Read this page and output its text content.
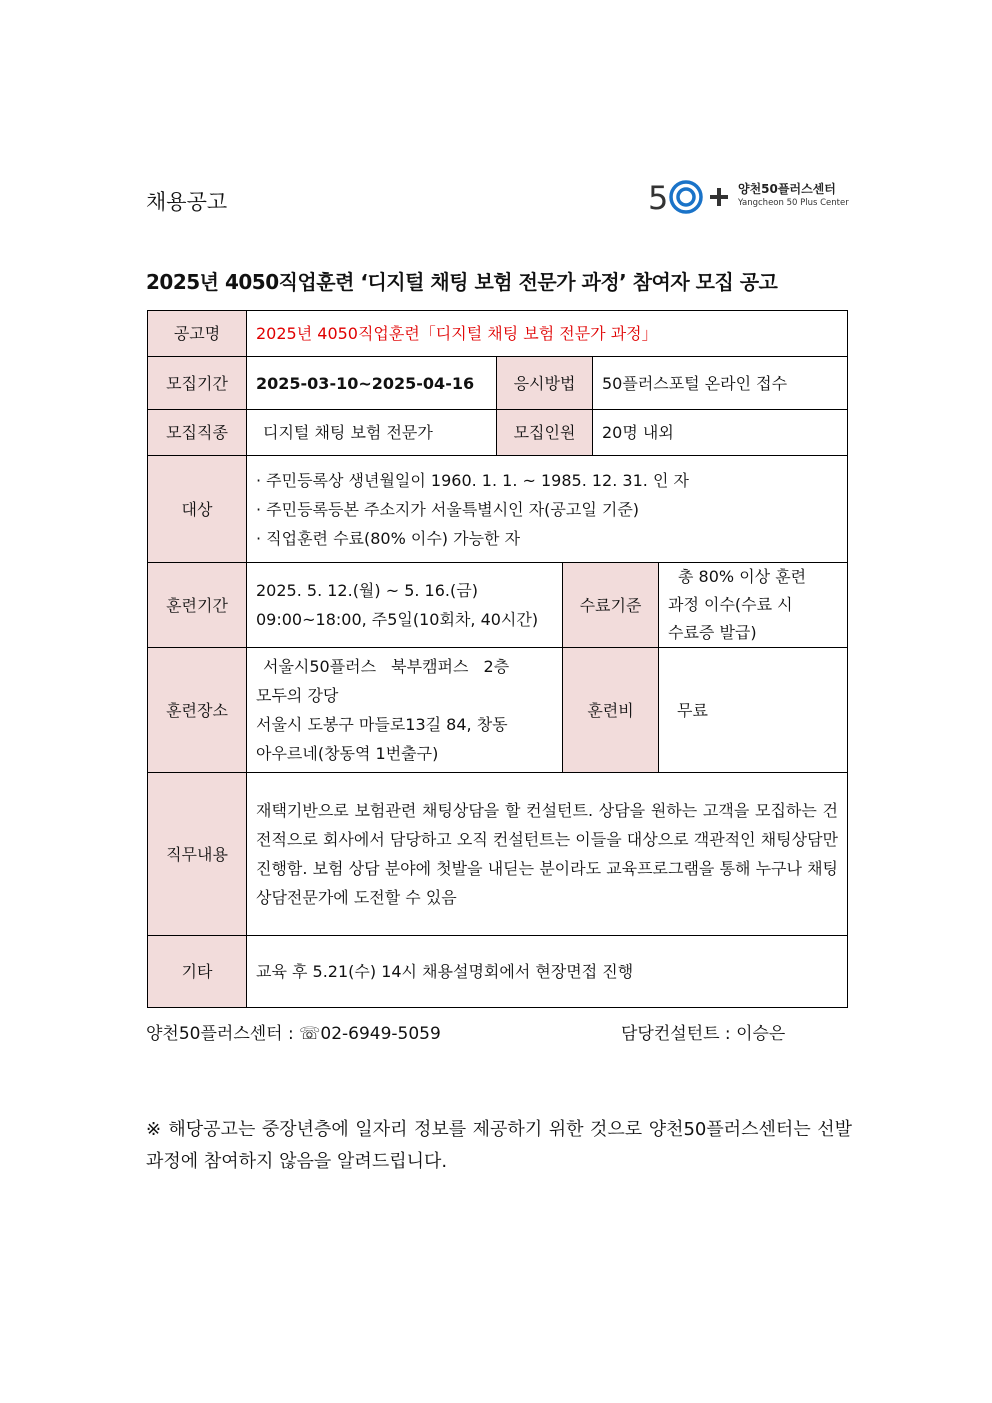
채용공고	5	양천50플러스센터
Yangcheon 50 Plus Center
2025년 4050직업훈련 ‘디지털 채팅 보험 전문가 과정’ 참여자 모집 공고
공고명	2025년 4050직업훈련「디지털 채팅 보험 전문가 과정」				
모집기간	2025-03-10~2025-04-16	응시방법		50플러스포털 온라인 접수	
모집직종	디지털 채팅 보험 전문가	모집인원		20명 내외	
대상	· 주민등록상 생년월일이 1960. 1. 1. ~ 1985. 12. 31. 인 자
· 주민등록등본 주소지가 서울특별시인 자(공고일 기준)
· 직업훈련 수료(80% 이수) 가능한 자				

훈련기간	2025. 5. 12.(월) ~ 5. 16.(금)
09:00~18:00, 주5일(10회차, 40시간)		수료기준		총 80% 이상 훈련
과정 이수(수료 시
수료증 발급)

훈련장소	서울시50플러스 북부캠퍼스 2층
모두의 강당
서울시 도봉구 마들로13길 84, 창동
아우르네(창동역 1번출구)		훈련비		무료
직무내용	재택기반으로 보험관련 채팅상담을 할 컨설턴트. 상담을 원하는 고객을 모집하는 건 전적으로 회사에서 담당하고 오직 컨설턴트는 이들을 대상으로 객관적인 채팅상담만 진행함. 보험 상담 분야에 첫발을 내딛는 분이라도 교육프로그램을 통해 누구나 채팅상담전문가에 도전할 수 있음				
기타	교육 후 5.21(수) 14시 채용설명회에서 현장면접 진행				
양천50플러스센터 : ☏02-6949-5059	담당컨설턴트 : 이승은
※ 해당공고는 중장년층에 일자리 정보를 제공하기 위한 것으로 양천50플러스센터는 선발과정에 참여하지 않음을 알려드립니다.
